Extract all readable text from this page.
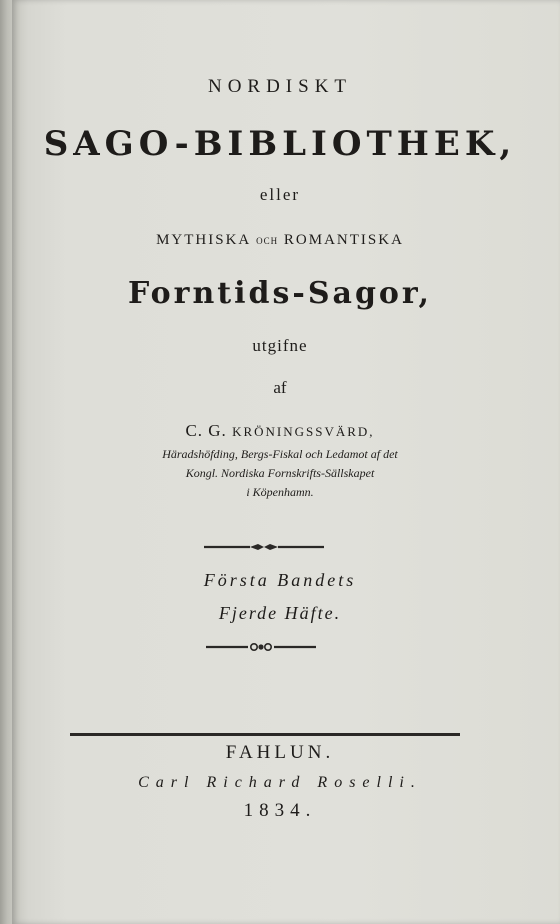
NORDISKT
SAGO-BIBLIOTHEK,
eller
MYTHISKA OCH ROMANTISKA
Forntids-Sagor,
utgifne
af
C. G. KRÖNINGSSVÄRD,
Häradshöfding, Bergs-Fiskal och Ledamot af det
Kongl. Nordiska Fornskrifts-Sällskapet
i Köpenhamn.
Första Bandets
Fjerde Häfte.
FAHLUN.
Carl Richard Roselli.
1834.
